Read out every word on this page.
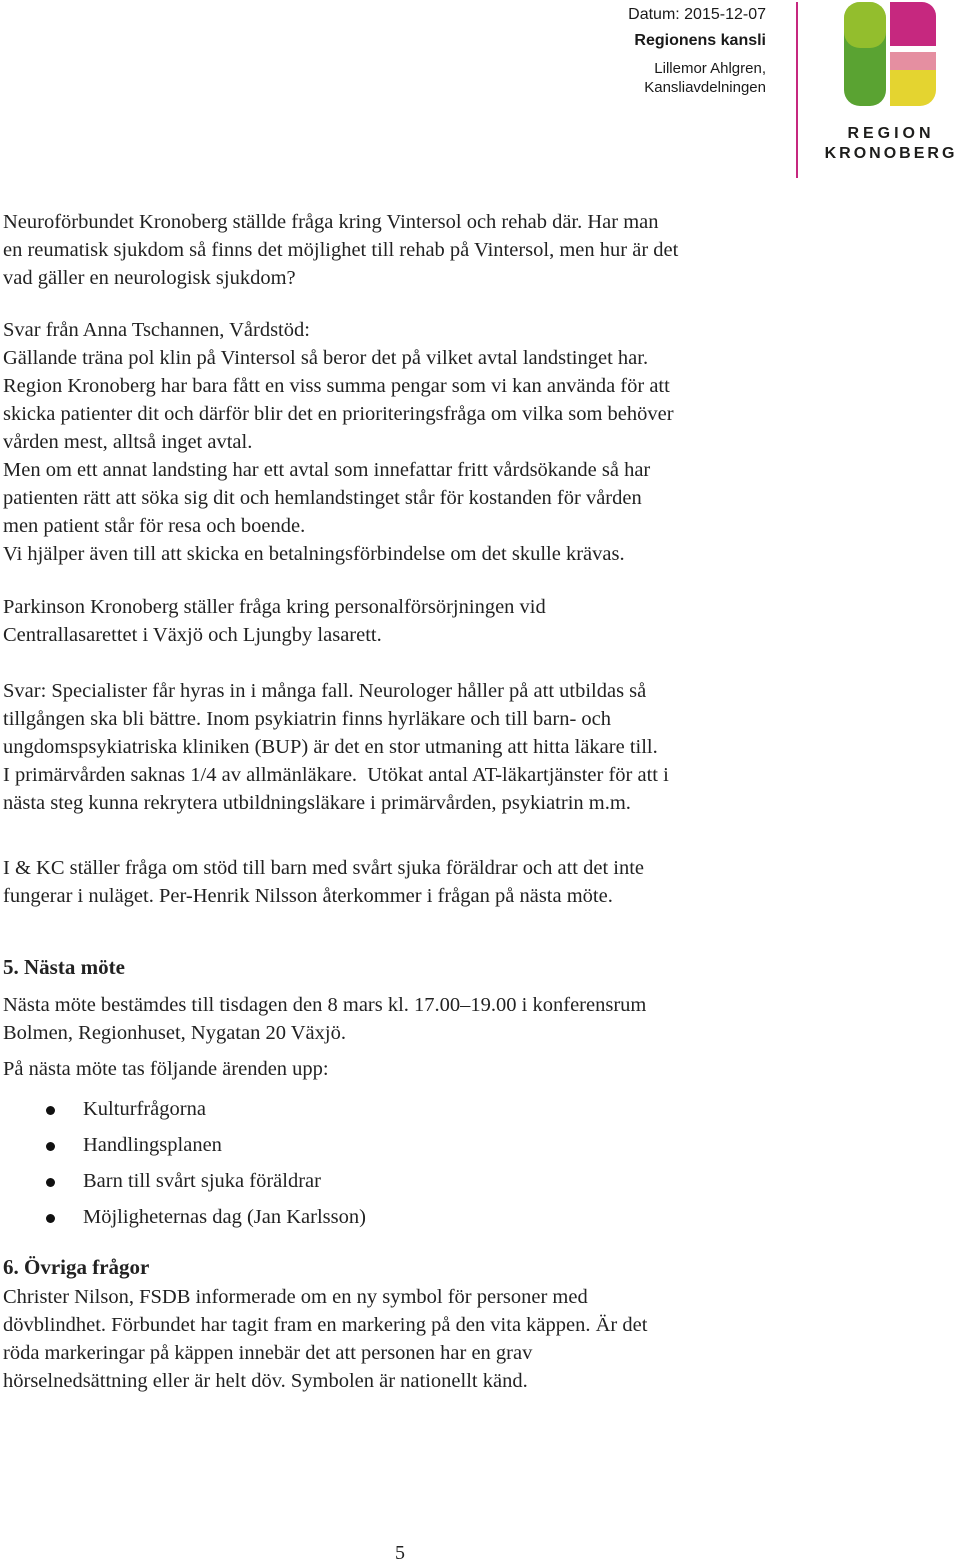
Datum: 2015-12-07
Regionens kansli
Lillemor Ahlgren,
Kansliavdelningen
REGION
KRONOBERG

Neuroförbundet Kronoberg ställde fråga kring Vintersol och rehab där. Har man
en reumatisk sjukdom så finns det möjlighet till rehab på Vintersol, men hur är det
vad gäller en neurologisk sjukdom?

Svar från Anna Tschannen, Vårdstöd:
Gällande träna pol klin på Vintersol så beror det på vilket avtal landstinget har.
Region Kronoberg har bara fått en viss summa pengar som vi kan använda för att
skicka patienter dit och därför blir det en prioriteringsfråga om vilka som behöver
vården mest, alltså inget avtal.
Men om ett annat landsting har ett avtal som innefattar fritt vårdsökande så har
patienten rätt att söka sig dit och hemlandstinget står för kostanden för vården
men patient står för resa och boende.
Vi hjälper även till att skicka en betalningsförbindelse om det skulle krävas.

Parkinson Kronoberg ställer fråga kring personalförsörjningen vid
Centrallasarettet i Växjö och Ljungby lasarett.

Svar: Specialister får hyras in i många fall. Neurologer håller på att utbildas så
tillgången ska bli bättre. Inom psykiatrin finns hyrläkare och till barn- och
ungdomspsykiatriska kliniken (BUP) är det en stor utmaning att hitta läkare till.
I primärvården saknas 1/4 av allmänläkare.  Utökat antal AT-läkartjänster för att i
nästa steg kunna rekrytera utbildningsläkare i primärvården, psykiatrin m.m.

I & KC ställer fråga om stöd till barn med svårt sjuka föräldrar och att det inte
fungerar i nuläget. Per-Henrik Nilsson återkommer i frågan på nästa möte.

5. Nästa möte

Nästa möte bestämdes till tisdagen den 8 mars kl. 17.00–19.00 i konferensrum
Bolmen, Regionhuset, Nygatan 20 Växjö.

På nästa möte tas följande ärenden upp:

Kulturfrågorna
Handlingsplanen
Barn till svårt sjuka föräldrar
Möjligheternas dag (Jan Karlsson)
6. Övriga frågor

Christer Nilson, FSDB informerade om en ny symbol för personer med
dövblindhet. Förbundet har tagit fram en markering på den vita käppen. Är det
röda markeringar på käppen innebär det att personen har en grav
hörselnedsättning eller är helt döv. Symbolen är nationellt känd.

5
